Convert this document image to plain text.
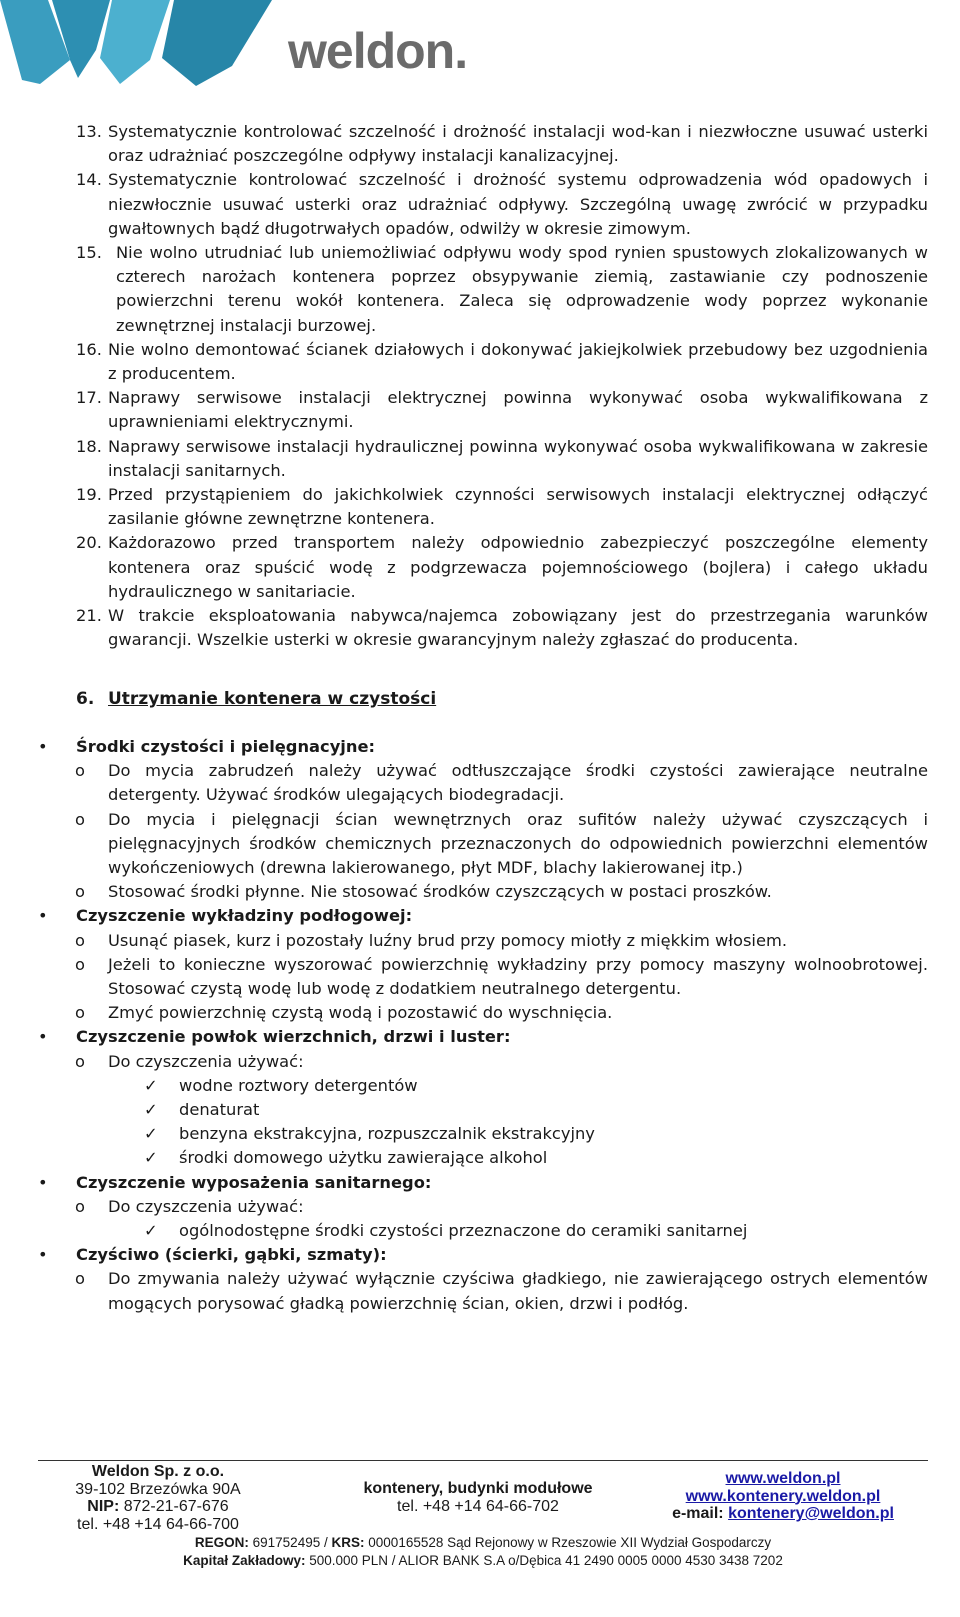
weldon.
13. Systematycznie kontrolować szczelność i drożność instalacji wod-kan i niezwłoczne usuwać usterki oraz udrażniać poszczególne odpływy instalacji kanalizacyjnej.

14. Systematycznie kontrolować szczelność i drożność systemu odprowadzenia wód opadowych i niezwłocznie usuwać usterki oraz udrażniać odpływy. Szczególną uwagę zwrócić w przypadku gwałtownych bądź długotrwałych opadów, odwilży w okresie zimowym.

15. Nie wolno utrudniać lub uniemożliwiać odpływu wody spod rynien spustowych zlokalizowanych w czterech narożach kontenera poprzez obsypywanie ziemią, zastawianie czy podnoszenie powierzchni terenu wokół kontenera. Zaleca się odprowadzenie wody poprzez wykonanie zewnętrznej instalacji burzowej.

16. Nie wolno demontować ścianek działowych i dokonywać jakiejkolwiek przebudowy bez uzgodnienia z producentem.

17. Naprawy serwisowe instalacji elektrycznej powinna wykonywać osoba wykwalifikowana z uprawnieniami elektrycznymi.

18. Naprawy serwisowe instalacji hydraulicznej powinna wykonywać osoba wykwalifikowana w zakresie instalacji sanitarnych.

19. Przed przystąpieniem do jakichkolwiek czynności serwisowych instalacji elektrycznej odłączyć zasilanie główne zewnętrzne kontenera.

20. Każdorazowo przed transportem należy odpowiednio zabezpieczyć poszczególne elementy kontenera oraz spuścić wodę z podgrzewacza pojemnościowego (bojlera) i całego układu hydraulicznego w sanitariacie.

21. W trakcie eksploatowania nabywca/najemca zobowiązany jest do przestrzegania warunków gwarancji. Wszelkie usterki w okresie gwarancyjnym należy zgłaszać do producenta.

6. Utrzymanie kontenera w czystości
• Środki czystości i pielęgnacyjne:
o Do mycia zabrudzeń należy używać odtłuszczające środki czystości zawierające neutralne detergenty. Używać środków ulegających biodegradacji.
o Do mycia i pielęgnacji ścian wewnętrznych oraz sufitów należy używać czyszczących i pielęgnacyjnych środków chemicznych przeznaczonych do odpowiednich powierzchni elementów wykończeniowych (drewna lakierowanego, płyt MDF, blachy lakierowanej itp.)
o Stosować środki płynne. Nie stosować środków czyszczących w postaci proszków.
• Czyszczenie wykładziny podłogowej:
o Usunąć piasek, kurz i pozostały luźny brud przy pomocy miotły z miękkim włosiem.
o Jeżeli to konieczne wyszorować powierzchnię wykładziny przy pomocy maszyny wolnoobrotowej. Stosować czystą wodę lub wodę z dodatkiem neutralnego detergentu.
o Zmyć powierzchnię czystą wodą i pozostawić do wyschnięcia.
• Czyszczenie powłok wierzchnich, drzwi i luster:
o Do czyszczenia używać:
✓ wodne roztwory detergentów
✓ denaturat
✓ benzyna ekstrakcyjna, rozpuszczalnik ekstrakcyjny
✓ środki domowego użytku zawierające alkohol
• Czyszczenie wyposażenia sanitarnego:
o Do czyszczenia używać:
✓ ogólnodostępne środki czystości przeznaczone do ceramiki sanitarnej
• Czyściwo (ścierki, gąbki, szmaty):
o Do zmywania należy używać wyłącznie czyściwa gładkiego, nie zawierającego ostrych elementów mogących porysować gładką powierzchnię ścian, okien, drzwi i podłóg.
Weldon Sp. z o.o.
39-102 Brzezówka 90A
NIP: 872-21-67-676
tel. +48 +14 64-66-700
kontenery, budynki modułowe
tel. +48 +14 64-66-702
www.weldon.pl
www.kontenery.weldon.pl
e-mail: kontenery@weldon.pl
REGON: 691752495 / KRS: 0000165528 Sąd Rejonowy w Rzeszowie XII Wydział Gospodarczy
Kapitał Zakładowy: 500.000 PLN / ALIOR BANK S.A o/Dębica 41 2490 0005 0000 4530 3438 7202
